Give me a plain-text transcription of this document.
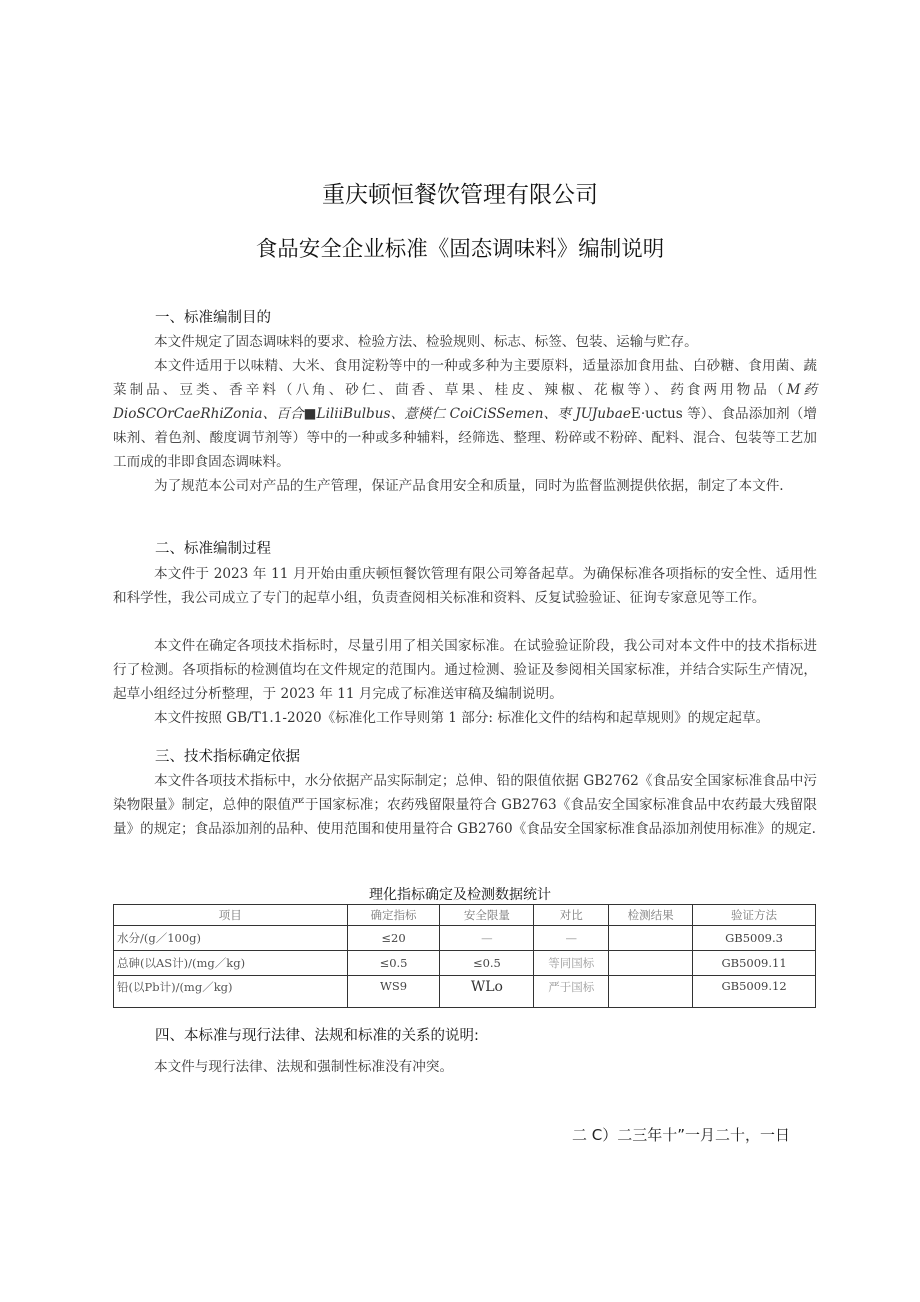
重庆顿恒餐饮管理有限公司
食品安全企业标准《固态调味料》编制说明
一、标准编制目的
本文件规定了固态调味料的要求、检验方法、检验规则、标志、标签、包装、运输与贮存。
本文件适用于以味精、大米、食用淀粉等中的一种或多种为主要原料，适量添加食用盐、白砂糖、食用菌、蔬菜制品、豆类、香辛料（八角、砂仁、茴香、草果、桂皮、辣椒、花椒等）、药食两用物品（M药 DioSCOrCaeRhiZonia、百合■LiliiBulbus、薏楧仁 CoiCiSSemen、枣 JUJubaeE·uctus 等）、食品添加剂（增味剂、着色剂、酸度调节剂等）等中的一种或多种辅料，经筛选、整理、粉碎或不粉碎、配料、混合、包装等工艺加工而成的非即食固态调味料。
为了规范本公司对产品的生产管理，保证产品食用安全和质量，同时为监督监测提供依据，制定了本文件.
二、标准编制过程
本文件于 2023 年 11 月开始由重庆顿恒餐饮管理有限公司筹备起草。为确保标准各项指标的安全性、适用性和科学性，我公司成立了专门的起草小组，负责查阅相关标准和资料、反复试验验证、征询专家意见等工作。
本文件在确定各项技术指标时，尽量引用了相关国家标准。在试验验证阶段，我公司对本文件中的技术指标进行了检测。各项指标的检测值均在文件规定的范围内。通过检测、验证及参阅相关国家标准，并结合实际生产情况，起草小组经过分析整理，于 2023 年 11 月完成了标准送审稿及编制说明。
本文件按照 GB/T1.1-2020《标准化工作导则第 1 部分: 标准化文件的结构和起草规则》的规定起草。
三、技术指标确定依据
本文件各项技术指标中，水分依据产品实际制定；总伸、铅的限值依据 GB2762《食品安全国家标准食品中污染物限量》制定，总伸的限值严于国家标准；农药残留限量符合 GB2763《食品安全国家标准食品中农药最大残留限量》的规定；食品添加剂的品种、使用范围和使用量符合 GB2760《食品安全国家标准食品添加剂使用标准》的规定.
理化指标确定及检测数据统计
项目	确定指标	安全限量	对比	检测结果	验证方法
水分/(g／100g)	≤20	—	—		GB5009.3
总砷(以AS计)/(mg／kg)	≤0.5	≤0.5	等同国标		GB5009.11
铅(以Pb计)/(mg／kg)	WS9	WLo	严于国标		GB5009.12
四、本标准与现行法律、法规和标准的关系的说明:
本文件与现行法律、法规和强制性标准没有冲突。
二 C）二三年十”一月二十，一日
